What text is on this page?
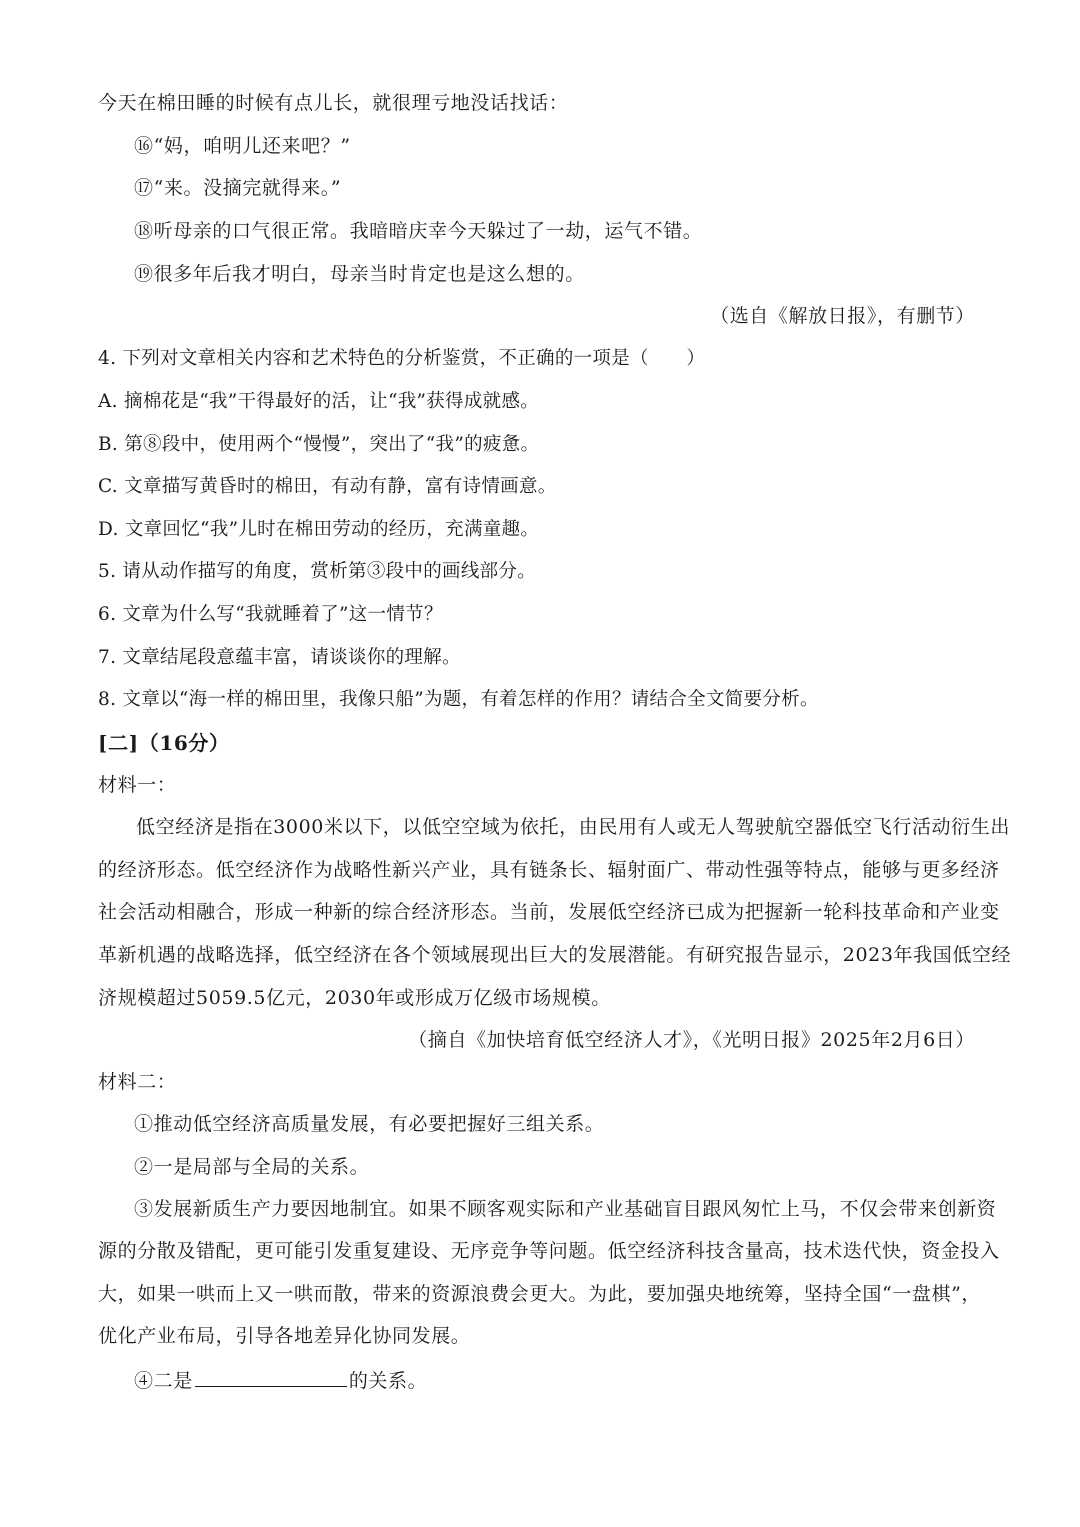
今天在棉田睡的时候有点儿长，就很理亏地没话找话：
⑯“妈，咱明儿还来吧？”
⑰“来。没摘完就得来。”
⑱听母亲的口气很正常。我暗暗庆幸今天躲过了一劫，运气不错。
⑲很多年后我才明白，母亲当时肯定也是这么想的。
（选自《解放日报》，有删节）
4. 下列对文章相关内容和艺术特色的分析鉴赏，不正确的一项是（　　）
A. 摘棉花是“我”干得最好的活，让“我”获得成就感。
B. 第⑧段中，使用两个“慢慢”，突出了“我”的疲惫。
C. 文章描写黄昏时的棉田，有动有静，富有诗情画意。
D. 文章回忆“我”儿时在棉田劳动的经历，充满童趣。
5. 请从动作描写的角度，赏析第③段中的画线部分。
6. 文章为什么写“我就睡着了”这一情节？
7. 文章结尾段意蕴丰富，请谈谈你的理解。
8. 文章以“海一样的棉田里，我像只船”为题，有着怎样的作用？请结合全文简要分析。
[二]（16分）
材料一：
低空经济是指在3000米以下，以低空空域为依托，由民用有人或无人驾驶航空器低空飞行活动衍生出
的经济形态。低空经济作为战略性新兴产业，具有链条长、辐射面广、带动性强等特点，能够与更多经济
社会活动相融合，形成一种新的综合经济形态。当前，发展低空经济已成为把握新一轮科技革命和产业变
革新机遇的战略选择，低空经济在各个领域展现出巨大的发展潜能。有研究报告显示，2023年我国低空经
济规模超过5059.5亿元，2030年或形成万亿级市场规模。
（摘自《加快培育低空经济人才》，《光明日报》2025年2月6日）
材料二：
①推动低空经济高质量发展，有必要把握好三组关系。
②一是局部与全局的关系。
③发展新质生产力要因地制宜。如果不顾客观实际和产业基础盲目跟风匆忙上马，不仅会带来创新资
源的分散及错配，更可能引发重复建设、无序竞争等问题。低空经济科技含量高，技术迭代快，资金投入
大，如果一哄而上又一哄而散，带来的资源浪费会更大。为此，要加强央地统筹，坚持全国“一盘棋”，
优化产业布局，引导各地差异化协同发展。
④二是	的关系。
